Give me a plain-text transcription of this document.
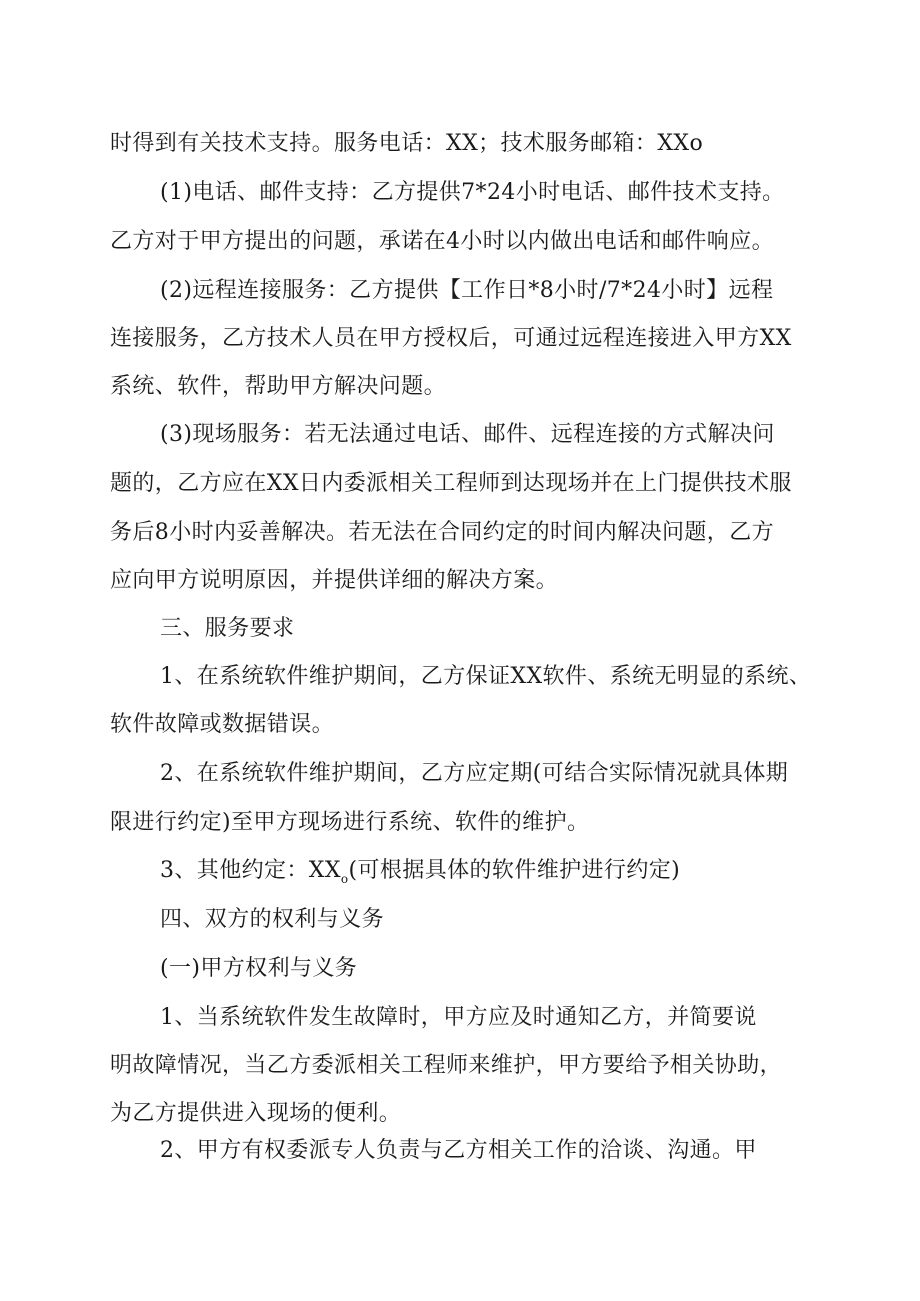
时得到有关技术支持。服务电话：XX；技术服务邮箱：XXo
(1)电话、邮件支持：乙方提供7*24小时电话、邮件技术支持。
乙方对于甲方提出的问题，承诺在4小时以内做出电话和邮件响应。
(2)远程连接服务：乙方提供【工作日*8小时/7*24小时】远程
连接服务，乙方技术人员在甲方授权后，可通过远程连接进入甲方XX
系统、软件，帮助甲方解决问题。
(3)现场服务：若无法通过电话、邮件、远程连接的方式解决问
题的，乙方应在XX日内委派相关工程师到达现场并在上门提供技术服
务后8小时内妥善解决。若无法在合同约定的时间内解决问题，乙方
应向甲方说明原因，并提供详细的解决方案。
三、服务要求
1、在系统软件维护期间，乙方保证XX软件、系统无明显的系统、
软件故障或数据错误。
2、在系统软件维护期间，乙方应定期(可结合实际情况就具体期
限进行约定)至甲方现场进行系统、软件的维护。
3、其他约定：$XX_o$(可根据具体的软件维护进行约定)
四、双方的权利与义务
(一)甲方权利与义务
1、当系统软件发生故障时，甲方应及时通知乙方，并简要说
明故障情况，当乙方委派相关工程师来维护，甲方要给予相关协助，
为乙方提供进入现场的便利。
2、甲方有权委派专人负责与乙方相关工作的洽谈、沟通。甲
